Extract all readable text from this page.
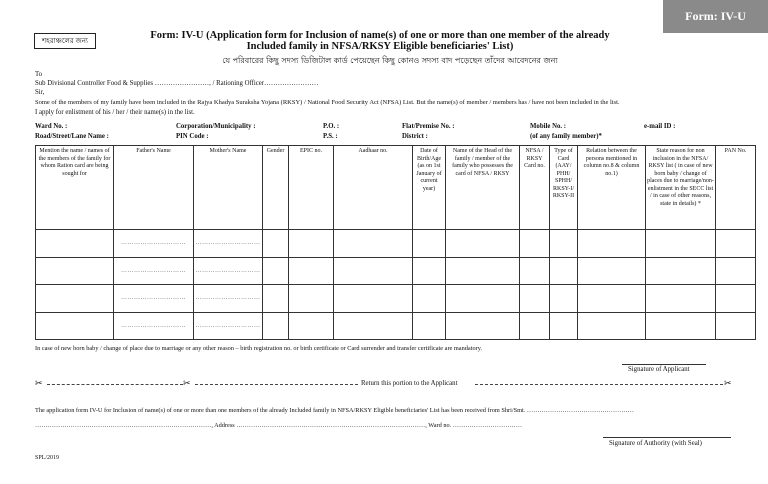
Form: IV-U
শহরাঞ্চলের জন্য	Form: IV-U (Application form for Inclusion of name(s) of one or more than one member of the already
Included family in NFSA/RKSY Eligible beneficiaries' List)
যে পরিবারের কিছু সদস্য ডিজিটাল কার্ড পেয়েছেন কিছু কোনও সদস্য বাদ পড়েছেন তাঁদের আবেদনের জন্য
To
Sub Divisional Controller Food & Supplies ……………………, / Rationing Officer……………………
Sir,
Some of the members of my family have been included in the Rajya Khadya Suraksha Yojana (RKSY) / National Food Security Act (NFSA) List. But the name(s) of member / members has / have not been included in the list.
I apply for enlistment of his / her / their name(s) in the list.
Ward No. :	Corporation/Municipality :	P.O. :	Flat/Premise No. :	Mobile No. :	e-mail ID :
Road/Street/Lane Name :	PIN Code :	P.S. :	District :	(of any family member)*
Mention the name / names of the members of the family for whom Ration card are being sought for	Father's Name	Mother's Name	Gender	EPIC no.	Aadhaar no.	Date of Birth/Age (as on 1st January of current year)	Name of the Head of the family / member of the family who possesses the card of NFSA / RKSY	NFSA / RKSY Card no.	Type of Card (AAY/ PHH/ SPHH/ RKSY-I/ RKSY-II	Relation between the persons mentioned in column no.8 & column no.1)	State reason for non inclusion in the NFSA/ RKSY list ( in case of new born baby / change of places due to marriage/non-enlistment in the SECC list / in case of other reasons, state in details) *	PAN No.

	…………………………	…………………………										

	…………………………	…………………………										

	…………………………	…………………………										

	…………………………	…………………………										

In case of new born baby / change of place due to marriage or any other reason – birth registration no. or birth certificate or Card surrender and transfer certificate are mandatory.
Signature of Applicant
✂	✂	Return this portion to the Applicant	✂
The application form IV-U for Inclusion of name(s) of one or more than one members of the already Included family in NFSA/RKSY Eligible beneficiaries' List has been received from Shri/Smt. ……………………………………………
…………………………………………………………………………, Address ………………………………………………………………………………, Ward no. ……………………………
Signature of Authority (with Seal)
SPL/2019
